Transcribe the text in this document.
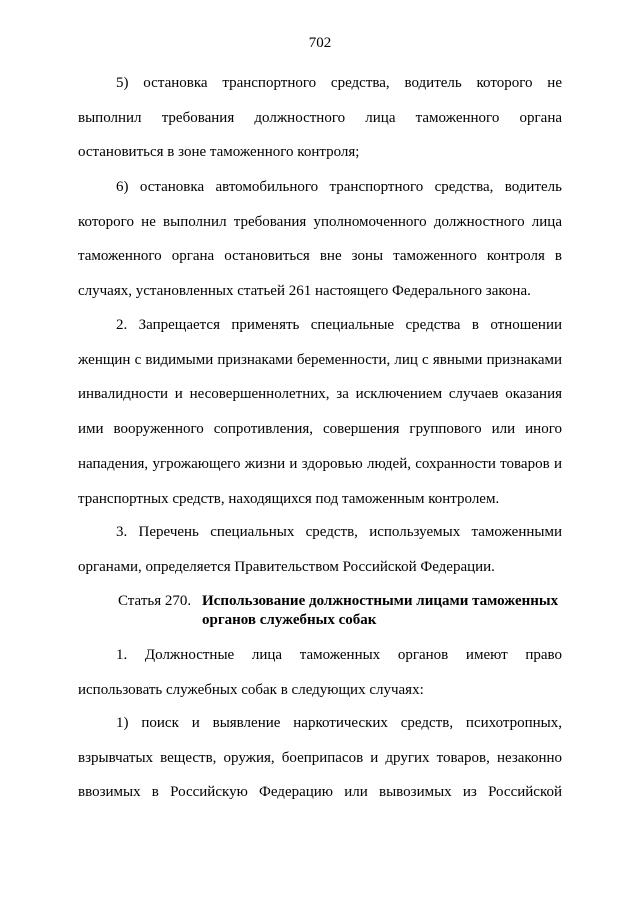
702
5) остановка транспортного средства, водитель которого не выполнил требования должностного лица таможенного органа остановиться в зоне таможенного контроля;
6) остановка автомобильного транспортного средства, водитель которого не выполнил требования уполномоченного должностного лица таможенного органа остановиться вне зоны таможенного контроля в случаях, установленных статьей 261 настоящего Федерального закона.
2. Запрещается применять специальные средства в отношении женщин с видимыми признаками беременности, лиц с явными признаками инвалидности и несовершеннолетних, за исключением случаев оказания ими вооруженного сопротивления, совершения группового или иного нападения, угрожающего жизни и здоровью людей, сохранности товаров и транспортных средств, находящихся под таможенным контролем.
3. Перечень специальных средств, используемых таможенными органами, определяется Правительством Российской Федерации.
Статья 270. Использование должностными лицами таможенных органов служебных собак
1. Должностные лица таможенных органов имеют право использовать служебных собак в следующих случаях:
1) поиск и выявление наркотических средств, психотропных, взрывчатых веществ, оружия, боеприпасов и других товаров, незаконно ввозимых в Российскую Федерацию или вывозимых из Российской
